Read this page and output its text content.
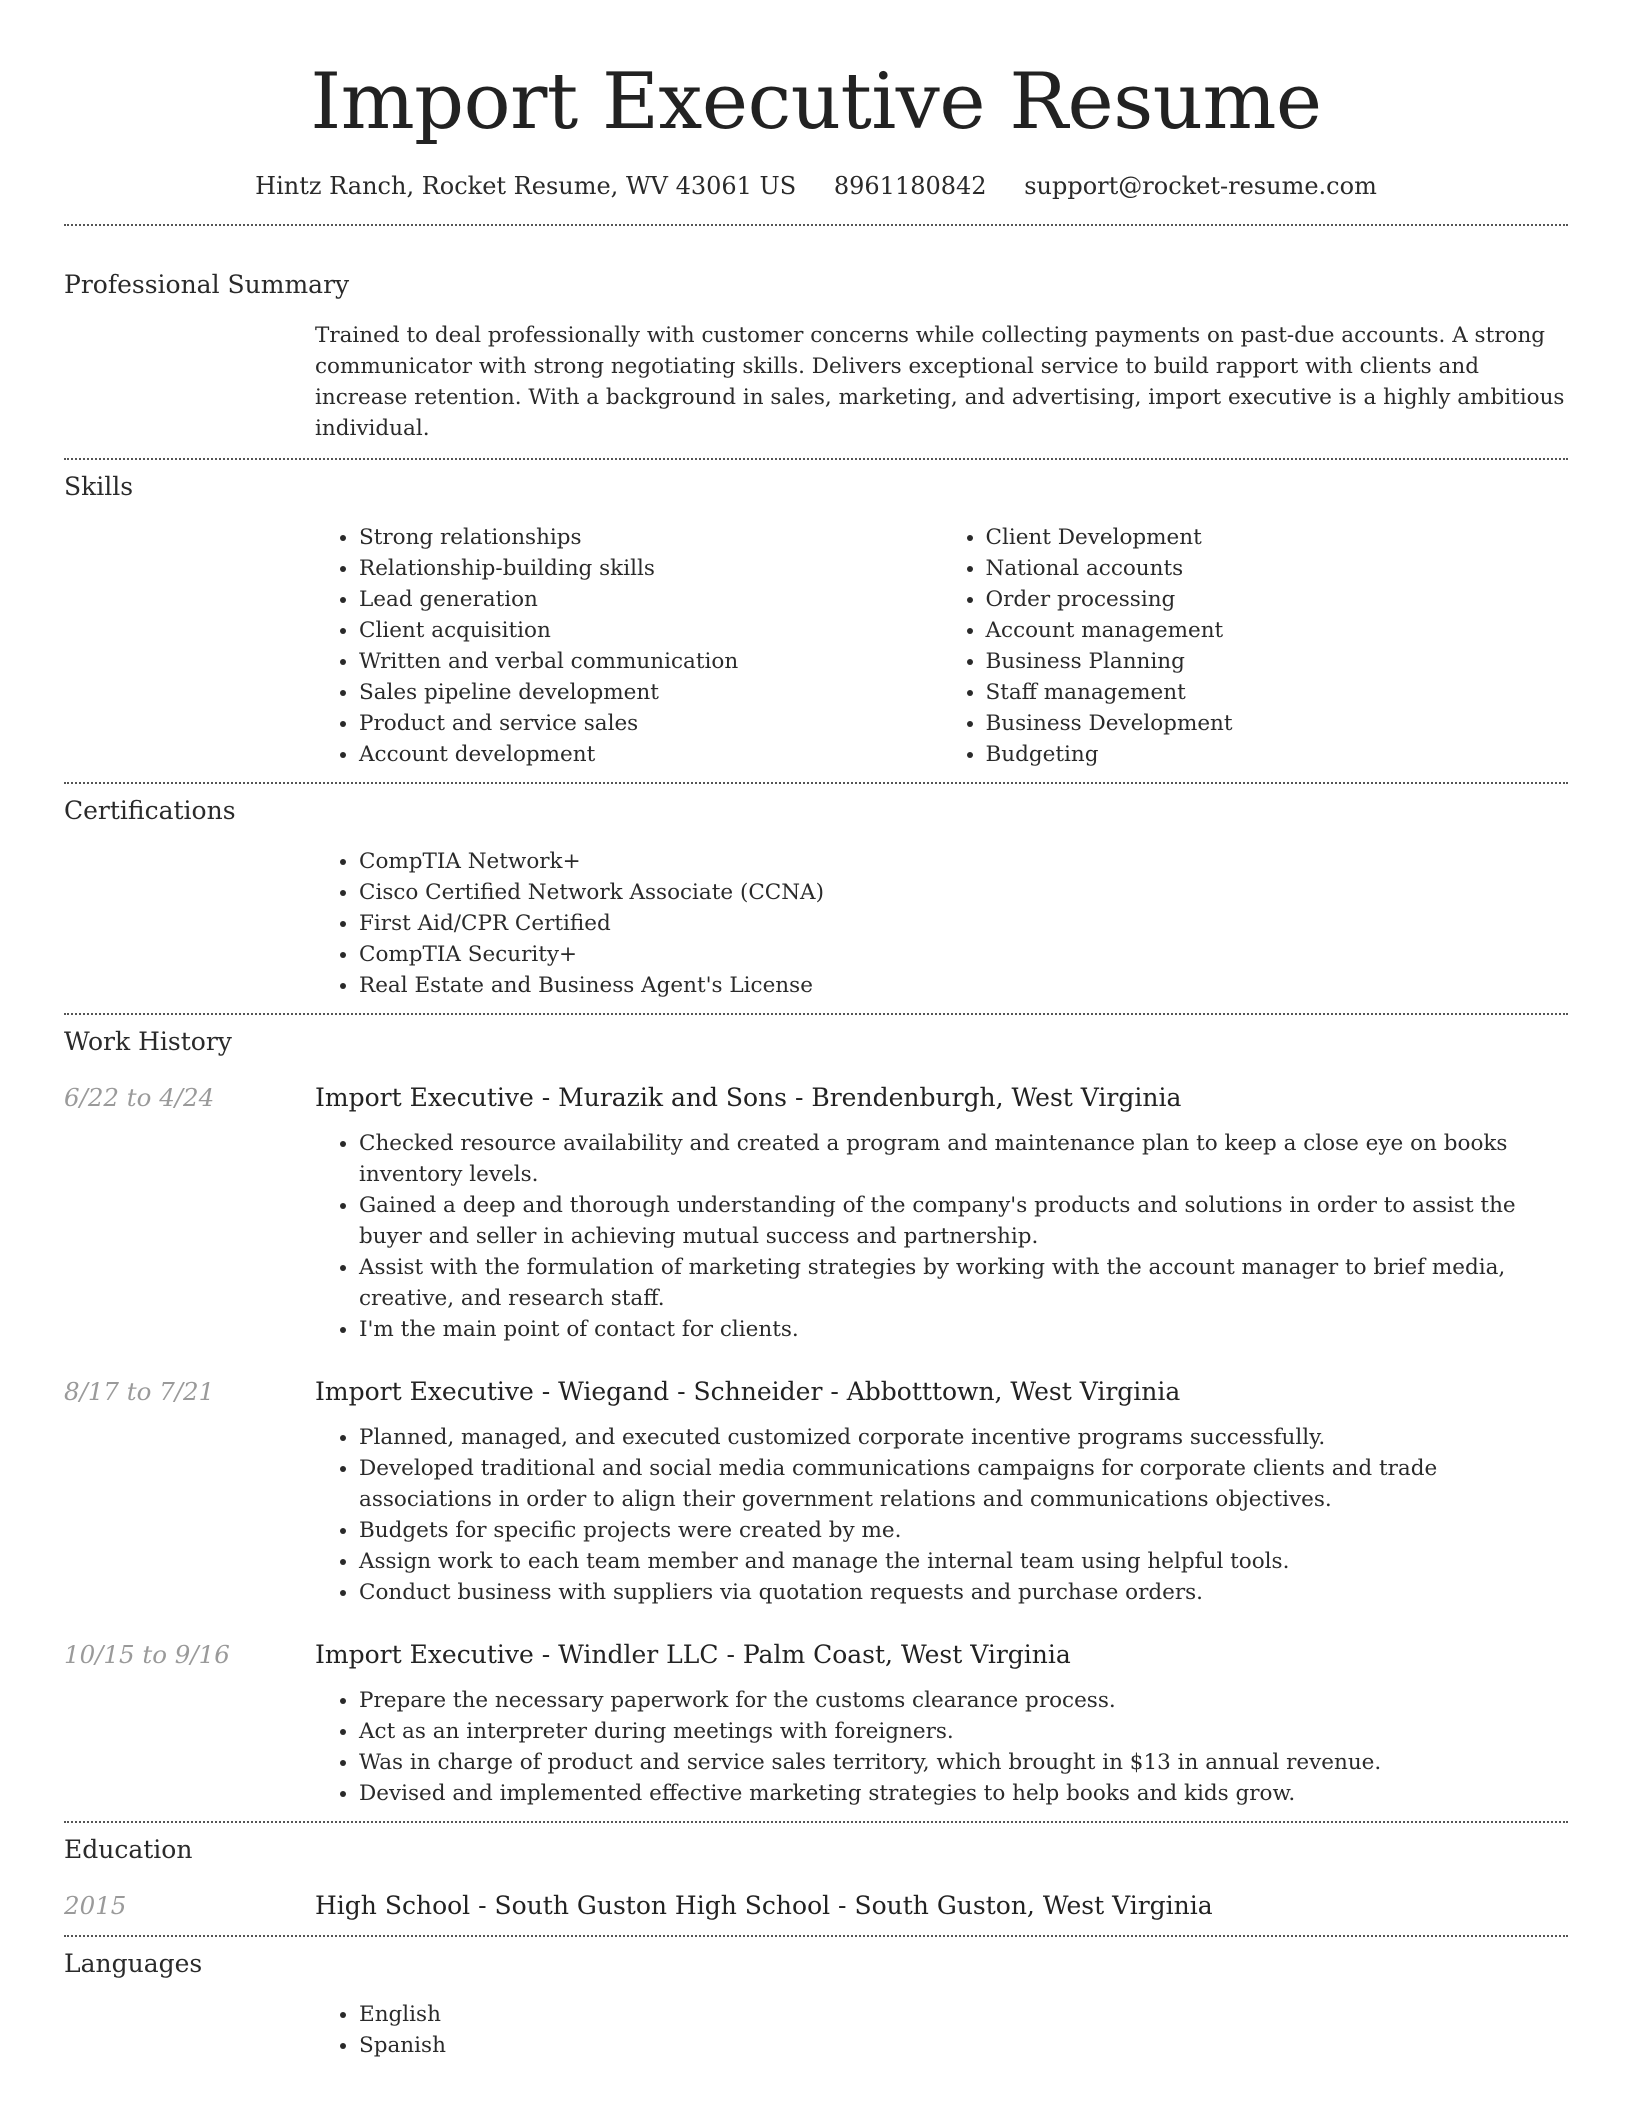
Import Executive Resume
Hintz Ranch, Rocket Resume, WV 43061 US 8961180842 support@rocket-resume.com
Professional Summary

Trained to deal professionally with customer concerns while collecting payments on past-due accounts. A strong communicator with strong negotiating skills. Delivers exceptional service to build rapport with clients and increase retention. With a background in sales, marketing, and advertising, import executive is a highly ambitious individual.

Skills
• Strong relationships
• Relationship-building skills
• Lead generation
• Client acquisition
• Written and verbal communication
• Sales pipeline development
• Product and service sales
• Account development
• Client Development
• National accounts
• Order processing
• Account management
• Business Planning
• Staff management
• Business Development
• Budgeting
Certifications
• CompTIA Network+
• Cisco Certified Network Associate (CCNA)
• First Aid/CPR Certified
• CompTIA Security+
• Real Estate and Business Agent's License
Work History
6/22 to 4/24	Import Executive - Murazik and Sons - Brendenburgh, West Virginia
• Checked resource availability and created a program and maintenance plan to keep a close eye on books inventory levels.
• Gained a deep and thorough understanding of the company's products and solutions in order to assist the buyer and seller in achieving mutual success and partnership.
• Assist with the formulation of marketing strategies by working with the account manager to brief media, creative, and research staff.
• I'm the main point of contact for clients.
8/17 to 7/21	Import Executive - Wiegand - Schneider - Abbotttown, West Virginia
• Planned, managed, and executed customized corporate incentive programs successfully.
• Developed traditional and social media communications campaigns for corporate clients and trade associations in order to align their government relations and communications objectives.
• Budgets for specific projects were created by me.
• Assign work to each team member and manage the internal team using helpful tools.
• Conduct business with suppliers via quotation requests and purchase orders.
10/15 to 9/16	Import Executive - Windler LLC - Palm Coast, West Virginia
• Prepare the necessary paperwork for the customs clearance process.
• Act as an interpreter during meetings with foreigners.
• Was in charge of product and service sales territory, which brought in $13 in annual revenue.
• Devised and implemented effective marketing strategies to help books and kids grow.
Education
2015	High School - South Guston High School - South Guston, West Virginia
Languages
• English
• Spanish
